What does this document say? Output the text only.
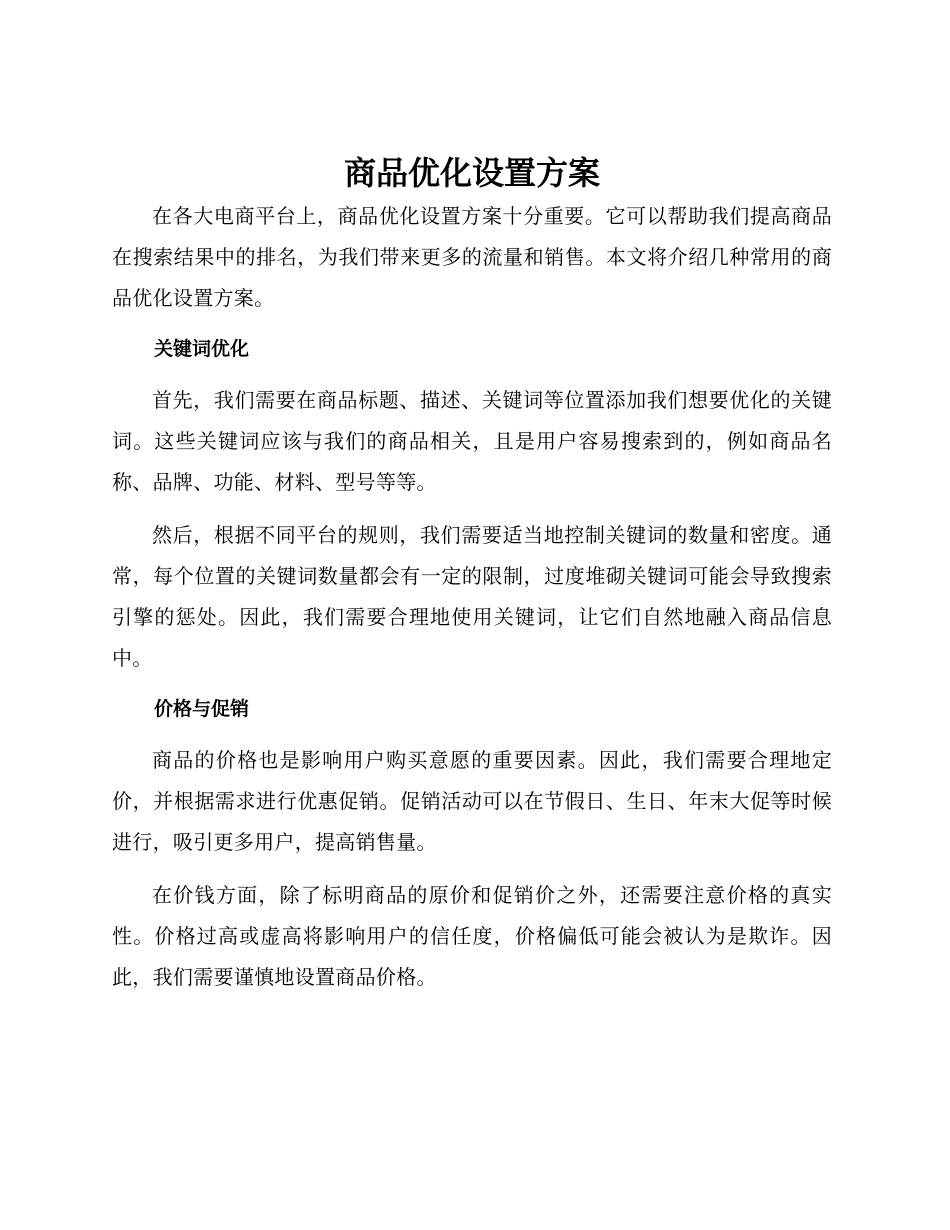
商品优化设置方案

在各大电商平台上，商品优化设置方案十分重要。它可以帮助我们提高商品在搜索结果中的排名，为我们带来更多的流量和销售。本文将介绍几种常用的商品优化设置方案。

关键词优化

首先，我们需要在商品标题、描述、关键词等位置添加我们想要优化的关键词。这些关键词应该与我们的商品相关，且是用户容易搜索到的，例如商品名称、品牌、功能、材料、型号等等。

然后，根据不同平台的规则，我们需要适当地控制关键词的数量和密度。通常，每个位置的关键词数量都会有一定的限制，过度堆砌关键词可能会导致搜索引擎的惩处。因此，我们需要合理地使用关键词，让它们自然地融入商品信息中。

价格与促销

商品的价格也是影响用户购买意愿的重要因素。因此，我们需要合理地定价，并根据需求进行优惠促销。促销活动可以在节假日、生日、年末大促等时候进行，吸引更多用户，提高销售量。

在价钱方面，除了标明商品的原价和促销价之外，还需要注意价格的真实性。价格过高或虚高将影响用户的信任度，价格偏低可能会被认为是欺诈。因此，我们需要谨慎地设置商品价格。
